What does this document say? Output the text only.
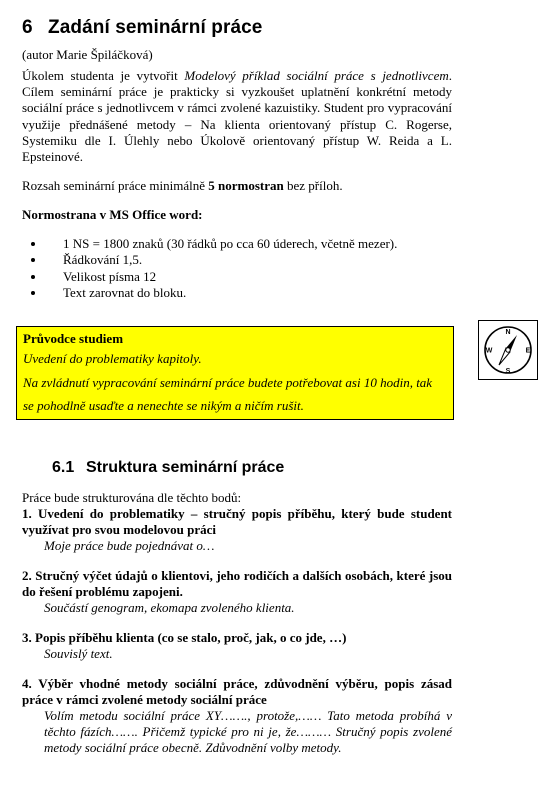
6 Zadání seminární práce
(autor Marie Špiláčková)
Úkolem studenta je vytvořit Modelový příklad sociální práce s jednotlivcem. Cílem seminární práce je prakticky si vyzkoušet uplatnění konkrétní metody sociální práce s jednotlivcem v rámci zvolené kazuistiky. Student pro vypracování využije přednášené metody – Na klienta orientovaný přístup C. Rogerse, Systemiku dle I. Úlehly nebo Úkolově orientovaný přístup W. Reida a L. Epsteinové.
Rozsah seminární práce minimálně 5 normostran bez příloh.
Normostrana v MS Office word:
1 NS = 1800 znaků (30 řádků po cca 60 úderech, včetně mezer).
Řádkování 1,5.
Velikost písma 12
Text zarovnat do bloku.
Průvodce studiem
Uvedení do problematiky kapitoly.
Na zvládnutí vypracování seminární práce budete potřebovat asi 10 hodin, tak
se pohodlně usaďte a nenechte se nikým a ničím rušit.
N
S
E
W
6.1 Struktura seminární práce
Práce bude strukturována dle těchto bodů:
1. Uvedení do problematiky – stručný popis příběhu, který bude student využívat pro svou modelovou práci
Moje práce bude pojednávat o…
2. Stručný výčet údajů o klientovi, jeho rodičích a dalších osobách, které jsou do řešení problému zapojeni.
Součástí genogram, ekomapa zvoleného klienta.
3. Popis příběhu klienta (co se stalo, proč, jak, o co jde, …)
Souvislý text.
4. Výběr vhodné metody sociální práce, zdůvodnění výběru, popis zásad práce v rámci zvolené metody sociální práce
Volím metodu sociální práce XY……., protože,…… Tato metoda probíhá v těchto fázích……. Přičemž typické pro ni je, že……… Stručný popis zvolené metody sociální práce obecně. Zdůvodnění volby metody.
